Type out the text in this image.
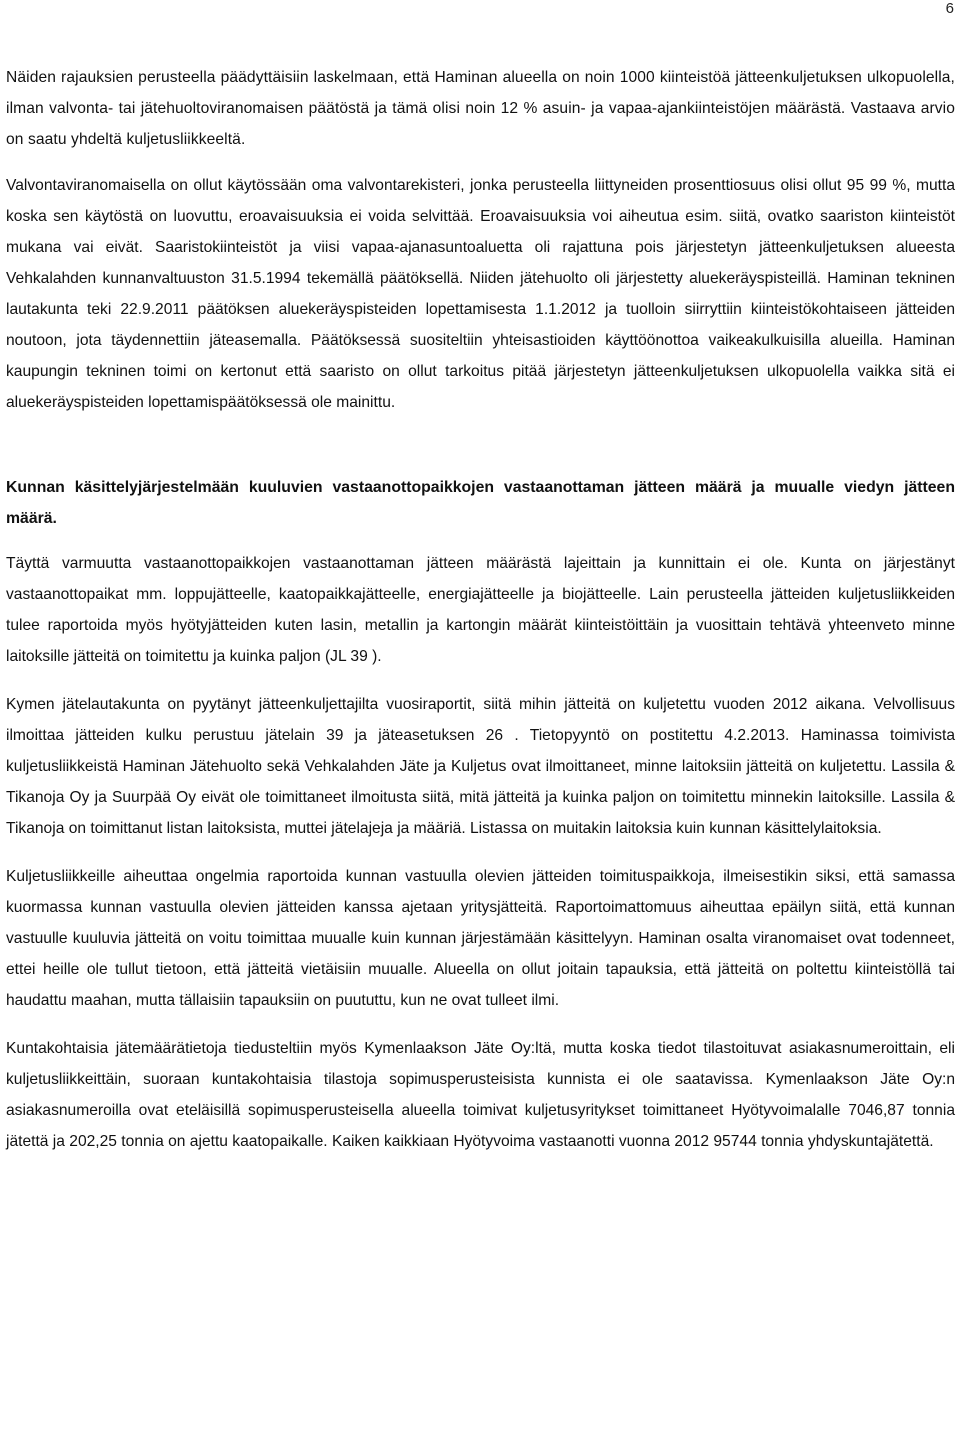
6

Näiden rajauksien perusteella päädyttäisiin laskelmaan, että Haminan alueella on noin 1000 kiinteistöä jätteenkuljetuksen ulkopuolella, ilman valvonta- tai jätehuoltoviranomaisen päätöstä ja tämä olisi noin 12 % asuin- ja vapaa-ajankiinteistöjen määrästä. Vastaava arvio on saatu yhdeltä kuljetusliikkeeltä.

Valvontaviranomaisella on ollut käytössään oma valvontarekisteri, jonka perusteella liittyneiden prosenttiosuus olisi ollut 95 99 %, mutta koska sen käytöstä on luovuttu, eroavaisuuksia ei voida selvittää. Eroavaisuuksia voi aiheutua esim. siitä, ovatko saariston kiinteistöt mukana vai eivät. Saaristokiinteistöt ja viisi vapaa-ajanasuntoaluetta oli rajattuna pois järjestetyn jätteenkuljetuksen alueesta Vehkalahden kunnanvaltuuston 31.5.1994 tekemällä päätöksellä. Niiden jätehuolto oli järjestetty aluekeräyspisteillä. Haminan tekninen lautakunta teki 22.9.2011 päätöksen aluekeräyspisteiden lopettamisesta 1.1.2012 ja tuolloin siirryttiin kiinteistökohtaiseen jätteiden noutoon, jota täydennettiin jäteasemalla. Päätöksessä suositeltiin yhteisastioiden käyttöönottoa vaikeakulkuisilla alueilla. Haminan kaupungin tekninen toimi on kertonut että saaristo on ollut tarkoitus pitää järjestetyn jätteenkuljetuksen ulkopuolella vaikka sitä ei aluekeräyspisteiden lopettamispäätöksessä ole mainittu.

Kunnan käsittelyjärjestelmään kuuluvien vastaanottopaikkojen vastaanottaman jätteen määrä ja muualle viedyn jätteen määrä.

Täyttä varmuutta vastaanottopaikkojen vastaanottaman jätteen määrästä lajeittain ja kunnittain ei ole. Kunta on järjestänyt vastaanottopaikat mm. loppujätteelle, kaatopaikkajätteelle, energiajätteelle ja biojätteelle. Lain perusteella jätteiden kuljetusliikkeiden tulee raportoida myös hyötyjätteiden kuten lasin, metallin ja kartongin määrät kiinteistöittäin ja vuosittain tehtävä yhteenveto minne laitoksille jätteitä on toimitettu ja kuinka paljon (JL 39 ).

Kymen jätelautakunta on pyytänyt jätteenkuljettajilta vuosiraportit, siitä mihin jätteitä on kuljetettu vuoden 2012 aikana. Velvollisuus ilmoittaa jätteiden kulku perustuu jätelain 39 ja jäteasetuksen 26 . Tietopyyntö on postitettu 4.2.2013. Haminassa toimivista kuljetusliikkeistä Haminan Jätehuolto sekä Vehkalahden Jäte ja Kuljetus ovat ilmoittaneet, minne laitoksiin jätteitä on kuljetettu. Lassila & Tikanoja Oy ja Suurpää Oy eivät ole toimittaneet ilmoitusta siitä, mitä jätteitä ja kuinka paljon on toimitettu minnekin laitoksille. Lassila & Tikanoja on toimittanut listan laitoksista, muttei jätelajeja ja määriä. Listassa on muitakin laitoksia kuin kunnan käsittelylaitoksia.

Kuljetusliikkeille aiheuttaa ongelmia raportoida kunnan vastuulla olevien jätteiden toimituspaikkoja, ilmeisestikin siksi, että samassa kuormassa kunnan vastuulla olevien jätteiden kanssa ajetaan yritysjätteitä. Raportoimattomuus aiheuttaa epäilyn siitä, että kunnan vastuulle kuuluvia jätteitä on voitu toimittaa muualle kuin kunnan järjestämään käsittelyyn. Haminan osalta viranomaiset ovat todenneet, ettei heille ole tullut tietoon, että jätteitä vietäisiin muualle. Alueella on ollut joitain tapauksia, että jätteitä on poltettu kiinteistöllä tai haudattu maahan, mutta tällaisiin tapauksiin on puututtu, kun ne ovat tulleet ilmi.

Kuntakohtaisia jätemäärätietoja tiedusteltiin myös Kymenlaakson Jäte Oy:ltä, mutta koska tiedot tilastoituvat asiakasnumeroittain, eli kuljetusliikkeittäin, suoraan kuntakohtaisia tilastoja sopimusperusteisista kunnista ei ole saatavissa. Kymenlaakson Jäte Oy:n asiakasnumeroilla ovat eteläisillä sopimusperusteisella alueella toimivat kuljetusyritykset toimittaneet Hyötyvoimalalle 7046,87 tonnia jätettä ja 202,25 tonnia on ajettu kaatopaikalle. Kaiken kaikkiaan Hyötyvoima vastaanotti vuonna 2012 95744 tonnia yhdyskuntajätettä.
